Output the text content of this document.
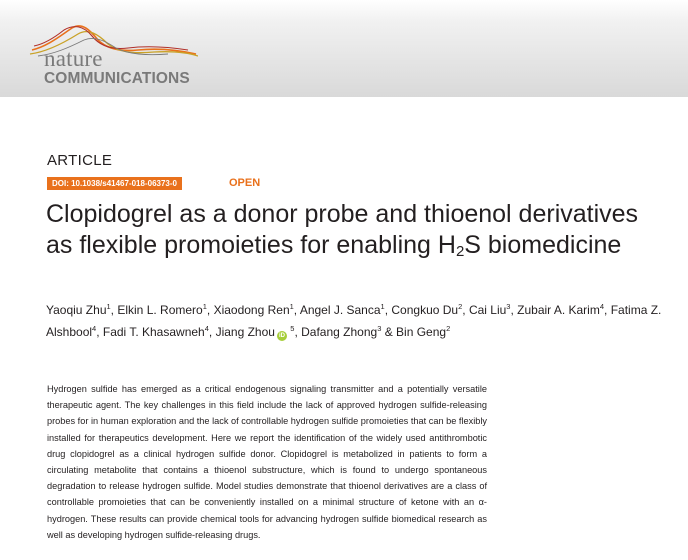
nature
COMMUNICATIONS
ARTICLE
DOI: 10.1038/s41467-018-06373-0	OPEN
Clopidogrel as a donor probe and thioenol derivatives as flexible promoieties for enabling $H_2S$ biomedicine
Yaoqiu Zhu$^1$, Elkin L. Romero$^1$, Xiaodong Ren$^1$, Angel J. Sanca$^1$, Congkuo Du$^2$, Cai Liu$^3$, Zubair A. Karim$^4$, Fatima Z. Alshbool$^4$, Fadi T. Khasawneh$^4$, Jiang Zhou iD $^5$, Dafang Zhong$^3$ & Bin Geng$^2$

Hydrogen sulfide has emerged as a critical endogenous signaling transmitter and a potentially versatile therapeutic agent. The key challenges in this field include the lack of approved hydrogen sulfide-releasing probes for in human exploration and the lack of controllable hydrogen sulfide promoieties that can be flexibly installed for therapeutics development. Here we report the identification of the widely used antithrombotic drug clopidogrel as a clinical hydrogen sulfide donor. Clopidogrel is metabolized in patients to form a circulating metabolite that contains a thioenol substructure, which is found to undergo spontaneous degradation to release hydrogen sulfide. Model studies demonstrate that thioenol derivatives are a class of controllable promoieties that can be conveniently installed on a minimal structure of ketone with an α-hydrogen. These results can provide chemical tools for advancing hydrogen sulfide biomedical research as well as developing hydrogen sulfide-releasing drugs.
